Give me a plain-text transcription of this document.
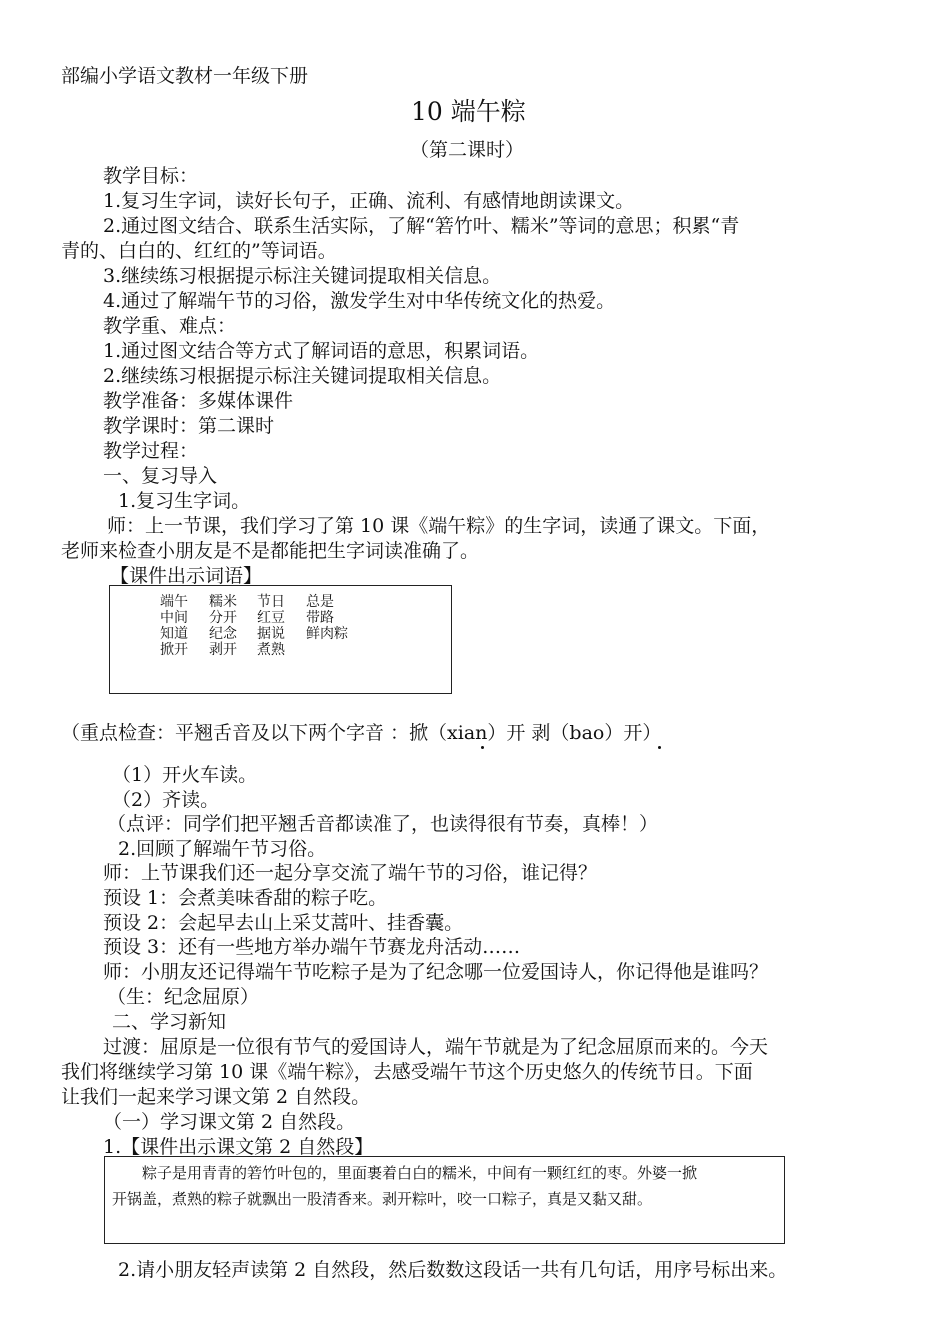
部编小学语文教材一年级下册
10 端午粽
（第二课时）
教学目标：
1.复习生字词，读好长句子，正确、流利、有感情地朗读课文。
2.通过图文结合、联系生活实际，了解“箬竹叶、糯米”等词的意思；积累“青
青的、白白的、红红的”等词语。
3.继续练习根据提示标注关键词提取相关信息。
4.通过了解端午节的习俗，激发学生对中华传统文化的热爱。
教学重、难点：
1.通过图文结合等方式了解词语的意思，积累词语。
2.继续练习根据提示标注关键词提取相关信息。
教学准备：多媒体课件
教学课时：第二课时
教学过程：
一、复习导入
1.复习生字词。
师：上一节课，我们学习了第 10 课《端午粽》的生字词，读通了课文。下面，
老师来检查小朋友是不是都能把生字词读准确了。
【课件出示词语】
端午 糯米 节日 总是
中间 分开 红豆 带路
知道 纪念 据说 鲜肉粽
掀开 剥开 煮熟
（重点检查：平翘舌音及以下两个字音 ：掀（xian）开 剥（bao）开）
（1）开火车读。
（2）齐读。
（点评：同学们把平翘舌音都读准了，也读得很有节奏，真棒！）
2.回顾了解端午节习俗。
师：上节课我们还一起分享交流了端午节的习俗，谁记得？
预设 1：会煮美味香甜的粽子吃。
预设 2：会起早去山上采艾蒿叶、挂香囊。
预设 3：还有一些地方举办端午节赛龙舟活动……
师：小朋友还记得端午节吃粽子是为了纪念哪一位爱国诗人，你记得他是谁吗？
（生：纪念屈原）
二、学习新知
过渡：屈原是一位很有节气的爱国诗人，端午节就是为了纪念屈原而来的。今天
我们将继续学习第 10 课《端午粽》，去感受端午节这个历史悠久的传统节日。下面
让我们一起来学习课文第 2 自然段。
（一）学习课文第 2 自然段。
1.【课件出示课文第 2 自然段】
粽子是用青青的箬竹叶包的，里面裹着白白的糯米，中间有一颗红红的枣。外婆一掀
开锅盖，煮熟的粽子就飘出一股清香来。剥开粽叶，咬一口粽子，真是又黏又甜。
2.请小朋友轻声读第 2 自然段，然后数数这段话一共有几句话，用序号标出来。
